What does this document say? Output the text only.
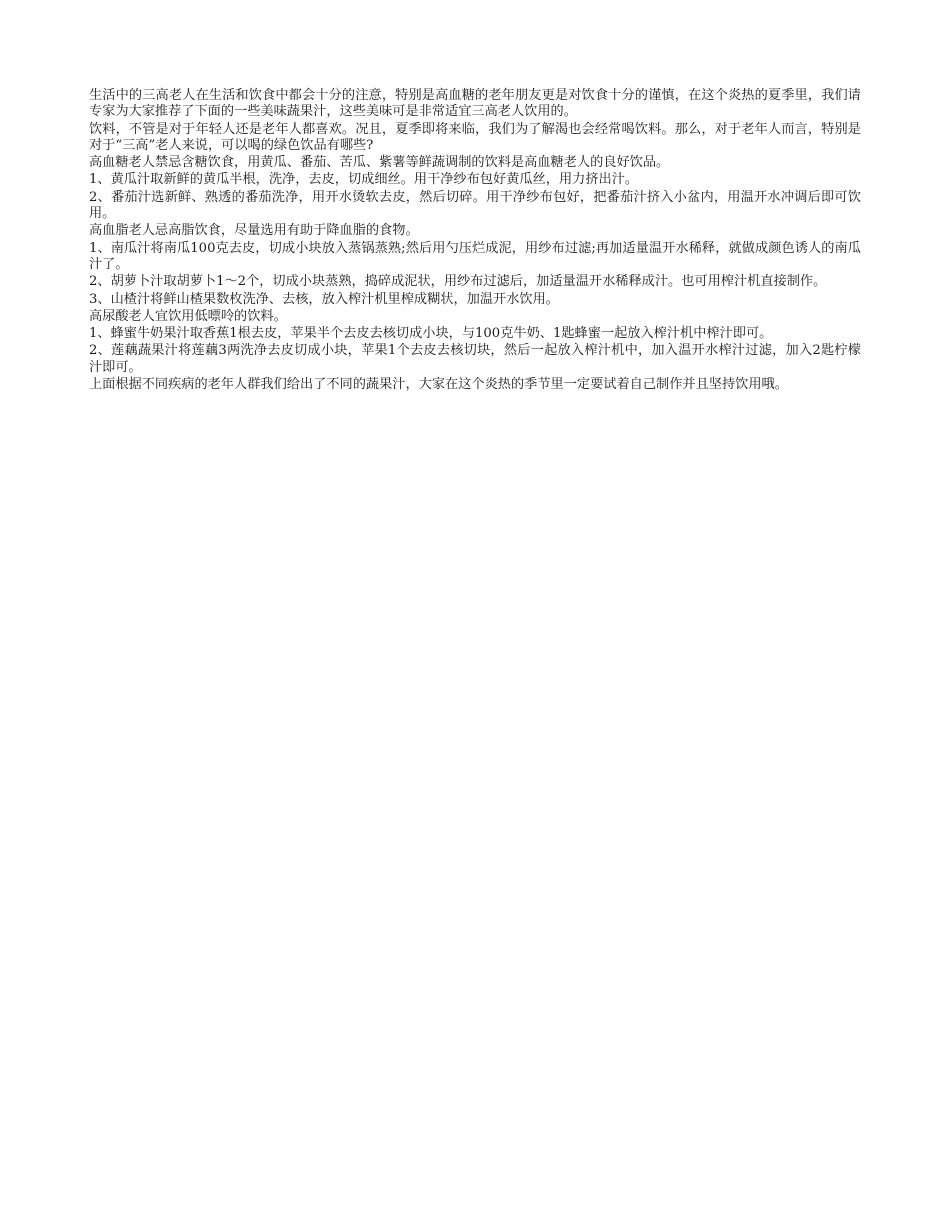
生活中的三高老人在生活和饮食中都会十分的注意，特别是高血糖的老年朋友更是对饮食十分的谨慎，在这个炎热的夏季里，我们请专家为大家推荐了下面的一些美味蔬果汁，这些美味可是非常适宜三高老人饮用的。

饮料，不管是对于年轻人还是老年人都喜欢。况且，夏季即将来临，我们为了解渴也会经常喝饮料。那么，对于老年人而言，特别是对于“三高”老人来说，可以喝的绿色饮品有哪些?

高血糖老人禁忌含糖饮食，用黄瓜、番茄、苦瓜、紫薯等鲜蔬调制的饮料是高血糖老人的良好饮品。

1、黄瓜汁取新鲜的黄瓜半根，洗净，去皮，切成细丝。用干净纱布包好黄瓜丝，用力挤出汁。

2、番茄汁选新鲜、熟透的番茄洗净，用开水烫软去皮，然后切碎。用干净纱布包好，把番茄汁挤入小盆内，用温开水冲调后即可饮用。

高血脂老人忌高脂饮食，尽量选用有助于降血脂的食物。

1、南瓜汁将南瓜100克去皮，切成小块放入蒸锅蒸熟;然后用勺压烂成泥，用纱布过滤;再加适量温开水稀释，就做成颜色诱人的南瓜汁了。

2、胡萝卜汁取胡萝卜1～2个，切成小块蒸熟，捣碎成泥状，用纱布过滤后，加适量温开水稀释成汁。也可用榨汁机直接制作。

3、山楂汁将鲜山楂果数枚洗净、去核，放入榨汁机里榨成糊状，加温开水饮用。

高尿酸老人宜饮用低嘌呤的饮料。

1、蜂蜜牛奶果汁取香蕉1根去皮，苹果半个去皮去核切成小块，与100克牛奶、1匙蜂蜜一起放入榨汁机中榨汁即可。

2、莲藕蔬果汁将莲藕3两洗净去皮切成小块，苹果1个去皮去核切块，然后一起放入榨汁机中，加入温开水榨汁过滤，加入2匙柠檬汁即可。

上面根据不同疾病的老年人群我们给出了不同的蔬果汁，大家在这个炎热的季节里一定要试着自己制作并且坚持饮用哦。
